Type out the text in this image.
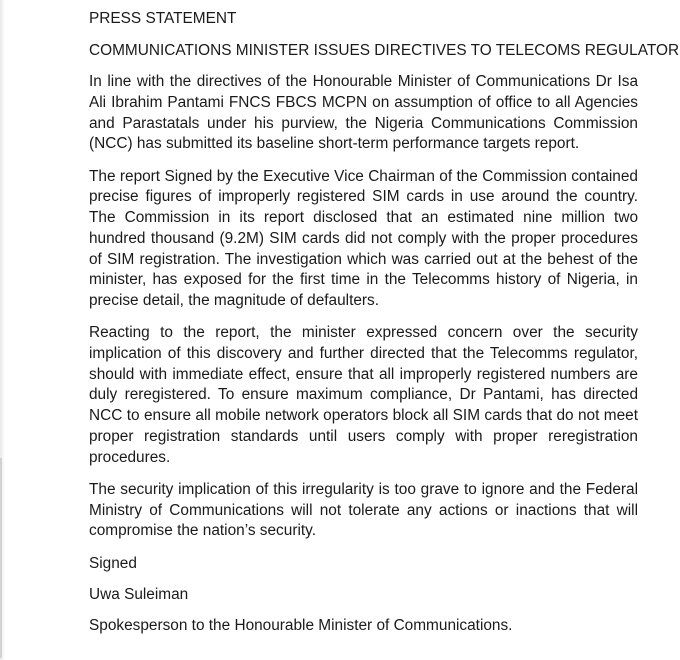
PRESS STATEMENT

COMMUNICATIONS MINISTER ISSUES DIRECTIVES TO TELECOMS REGULATOR

In line with the directives of the Honourable Minister of Communications Dr Isa Ali Ibrahim Pantami FNCS FBCS MCPN on assumption of office to all Agencies and Parastatals under his purview, the Nigeria Communications Commission (NCC) has submitted its baseline short-term performance targets report.

The report Signed by the Executive Vice Chairman of the Commission contained precise figures of improperly registered SIM cards in use around the country. The Commission in its report disclosed that an estimated nine million two hundred thousand (9.2M) SIM cards did not comply with the proper procedures of SIM registration. The investigation which was carried out at the behest of the minister, has exposed for the first time in the Telecomms history of Nigeria, in precise detail, the magnitude of defaulters.

Reacting to the report, the minister expressed concern over the security implication of this discovery and further directed that the Telecomms regulator, should with immediate effect, ensure that all improperly registered numbers are duly reregistered. To ensure maximum compliance, Dr Pantami, has directed NCC to ensure all mobile network operators block all SIM cards that do not meet proper registration standards until users comply with proper reregistration procedures.

The security implication of this irregularity is too grave to ignore and the Federal Ministry of Communications will not tolerate any actions or inactions that will compromise the nation’s security.

Signed

Uwa Suleiman

Spokesperson to the Honourable Minister of Communications.
